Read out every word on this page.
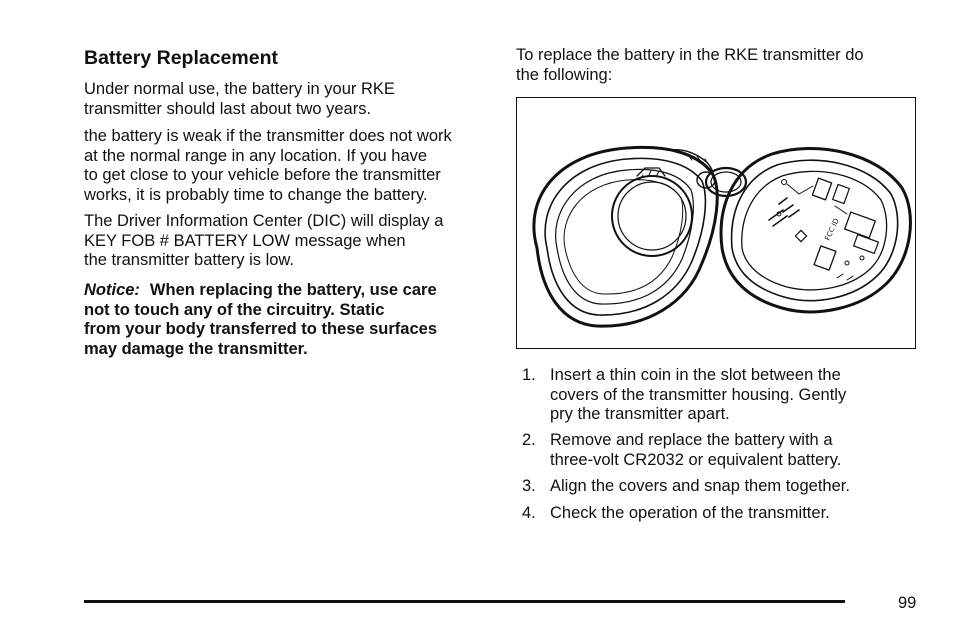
Battery Replacement

Under normal use, the battery in your RKE
transmitter should last about two years.

the battery is weak if the transmitter does not work
at the normal range in any location. If you have
to get close to your vehicle before the transmitter
works, it is probably time to change the battery.

The Driver Information Center (DIC) will display a
KEY FOB # BATTERY LOW message when
the transmitter battery is low.

Notice: When replacing the battery, use care
not to touch any of the circuitry. Static
from your body transferred to these surfaces
may damage the transmitter.

To replace the battery in the RKE transmitter do
the following:

FCC ID
1. Insert a thin coin in the slot between the
covers of the transmitter housing. Gently
pry the transmitter apart.
2. Remove and replace the battery with a
three-volt CR2032 or equivalent battery.
3. Align the covers and snap them together.
4. Check the operation of the transmitter.
99
